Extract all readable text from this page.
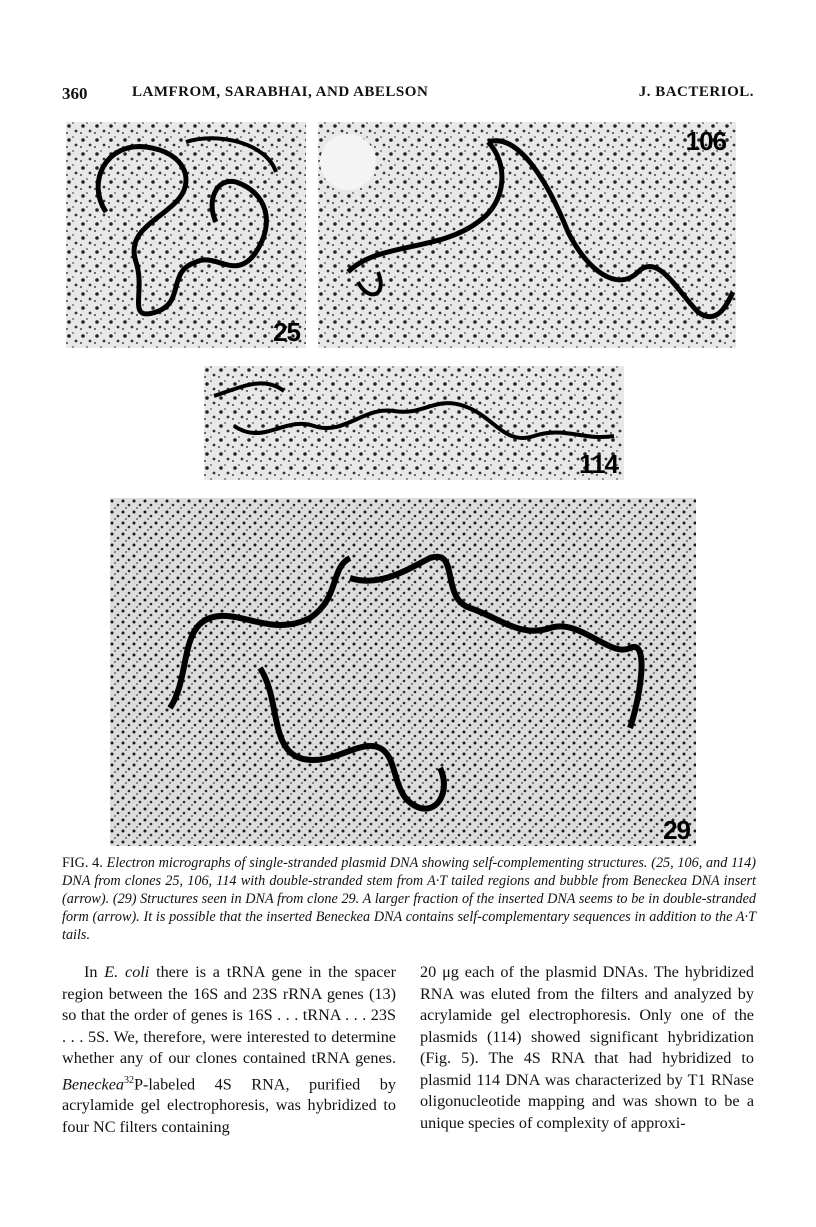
360	LAMFROM, SARABHAI, AND ABELSON	J. BACTERIOL.
25
106
114
29
FIG. 4. Electron micrographs of single-stranded plasmid DNA showing self-complementing structures. (25, 106, and 114) DNA from clones 25, 106, 114 with double-stranded stem from A·T tailed regions and bubble from Beneckea DNA insert (arrow). (29) Structures seen in DNA from clone 29. A larger fraction of the inserted DNA seems to be in double-stranded form (arrow). It is possible that the inserted Beneckea DNA contains self-complementary sequences in addition to the A·T tails.
In E. coli there is a tRNA gene in the spacer region between the 16S and 23S rRNA genes (13) so that the order of genes is 16S . . . tRNA . . . 23S . . . 5S. We, therefore, were interested to determine whether any of our clones contained tRNA genes. Beneckea$^{32}$P-labeled 4S RNA, purified by acrylamide gel electrophoresis, was hybridized to four NC filters containing
20 μg each of the plasmid DNAs. The hybridized RNA was eluted from the filters and analyzed by acrylamide gel electrophoresis. Only one of the plasmids (114) showed significant hybridization (Fig. 5). The 4S RNA that had hybridized to plasmid 114 DNA was characterized by T1 RNase oligonucleotide mapping and was shown to be a unique species of complexity of approxi-
